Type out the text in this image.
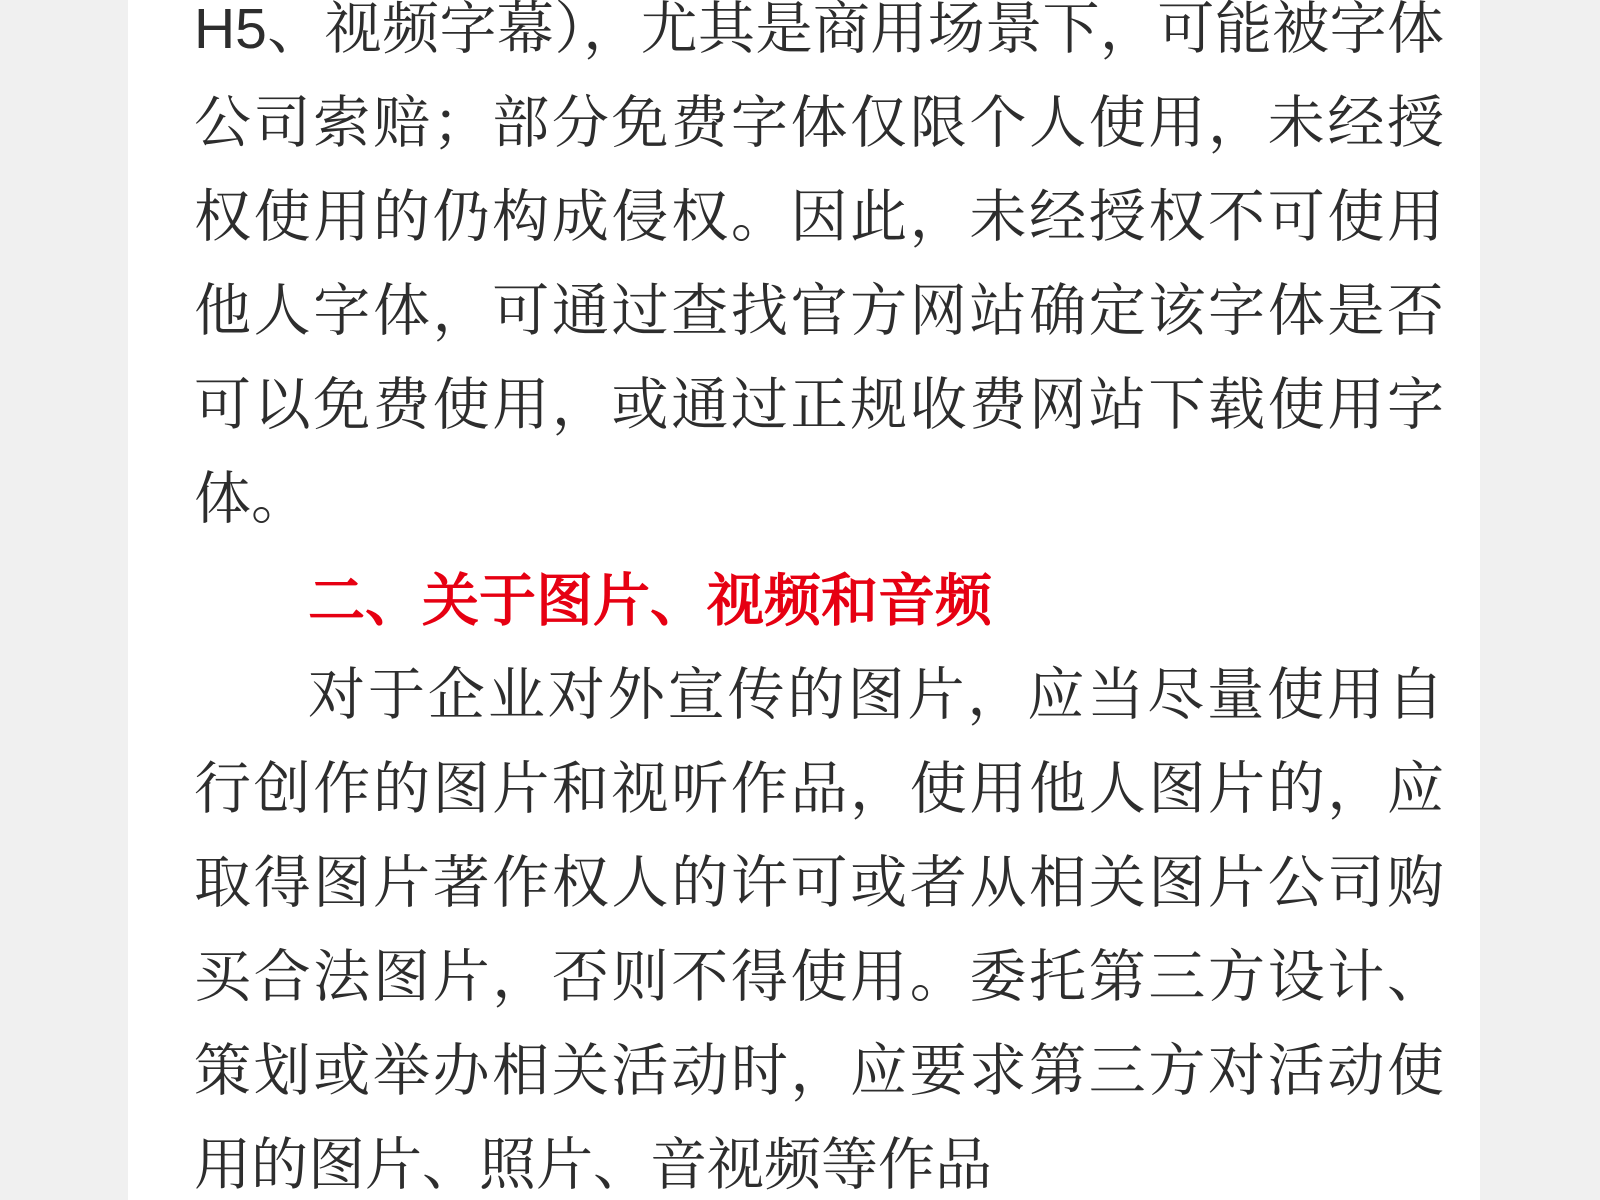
H5、视频字幕），尤其是商用场景下，可能被字体公司索赔；部分免费字体仅限个人使用，未经授权使用的仍构成侵权。因此，未经授权不可使用他人字体，可通过查找官方网站确定该字体是否可以免费使用，或通过正规收费网站下载使用字体。

二、关于图片、视频和音频

对于企业对外宣传的图片，应当尽量使用自行创作的图片和视听作品，使用他人图片的，应取得图片著作权人的许可或者从相关图片公司购买合法图片，否则不得使用。委托第三方设计、策划或举办相关活动时，应要求第三方对活动使用的图片、照片、音视频等作品
